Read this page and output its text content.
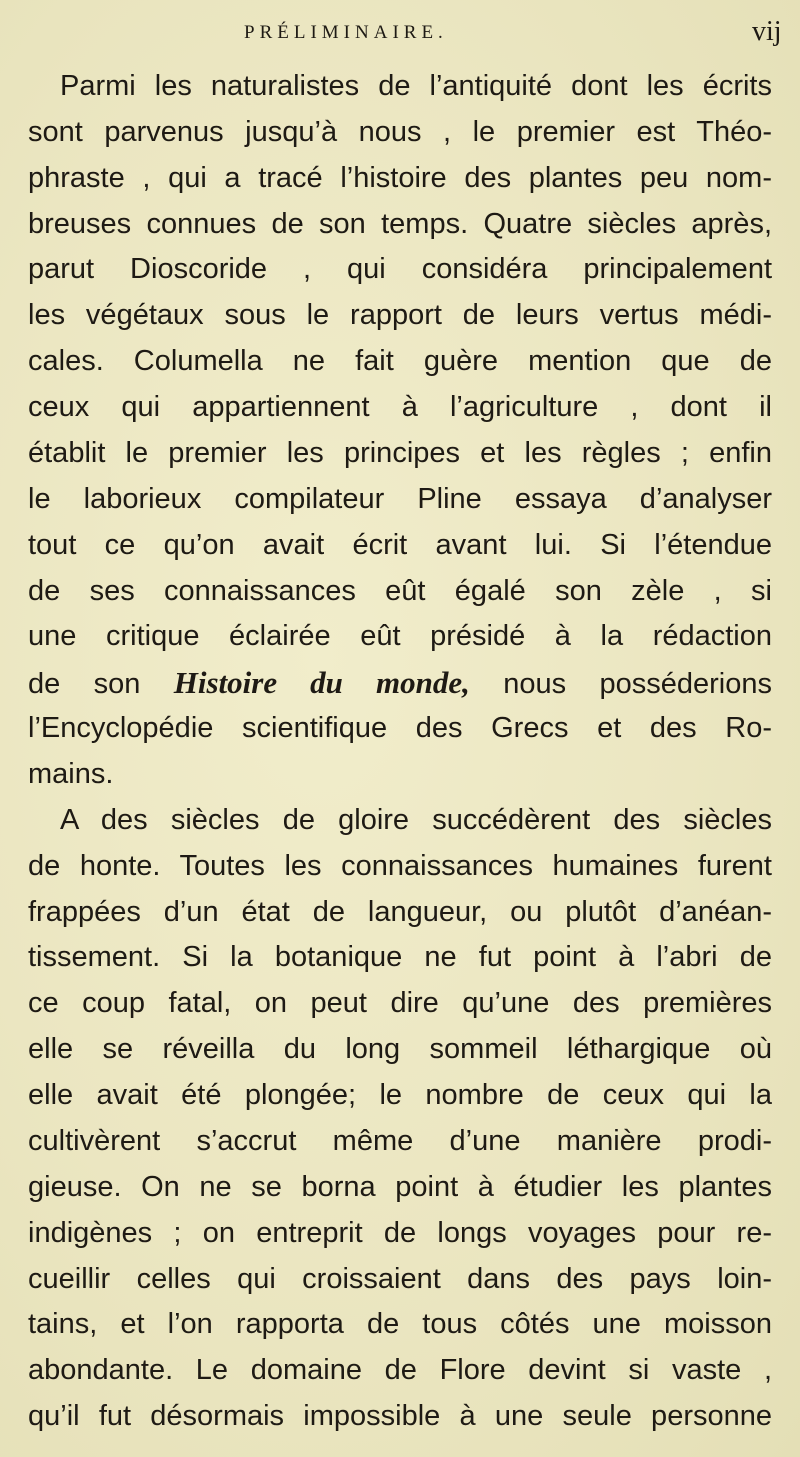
PRÉLIMINAIRE.	vij
Parmi les naturalistes de l’antiquité dont les écrits
sont parvenus jusqu’à nous , le premier est Théo-
phraste , qui a tracé l’histoire des plantes peu nom-
breuses connues de son temps. Quatre siècles après,
parut Dioscoride , qui considéra principalement
les végétaux sous le rapport de leurs vertus médi-
cales. Columella ne fait guère mention que de
ceux qui appartiennent à l’agriculture , dont il
établit le premier les principes et les règles ; enfin
le laborieux compilateur Pline essaya d’analyser
tout ce qu’on avait écrit avant lui. Si l’étendue
de ses connaissances eût égalé son zèle , si
une critique éclairée eût présidé à la rédaction
de son Histoire du monde, nous posséderions
l’Encyclopédie scientifique des Grecs et des Ro-
mains.
A des siècles de gloire succédèrent des siècles
de honte. Toutes les connaissances humaines furent
frappées d’un état de langueur, ou plutôt d’anéan-
tissement. Si la botanique ne fut point à l’abri de
ce coup fatal, on peut dire qu’une des premières
elle se réveilla du long sommeil léthargique où
elle avait été plongée; le nombre de ceux qui la
cultivèrent s’accrut même d’une manière prodi-
gieuse. On ne se borna point à étudier les plantes
indigènes ; on entreprit de longs voyages pour re-
cueillir celles qui croissaient dans des pays loin-
tains, et l’on rapporta de tous côtés une moisson
abondante. Le domaine de Flore devint si vaste ,
qu’il fut désormais impossible à une seule personne
